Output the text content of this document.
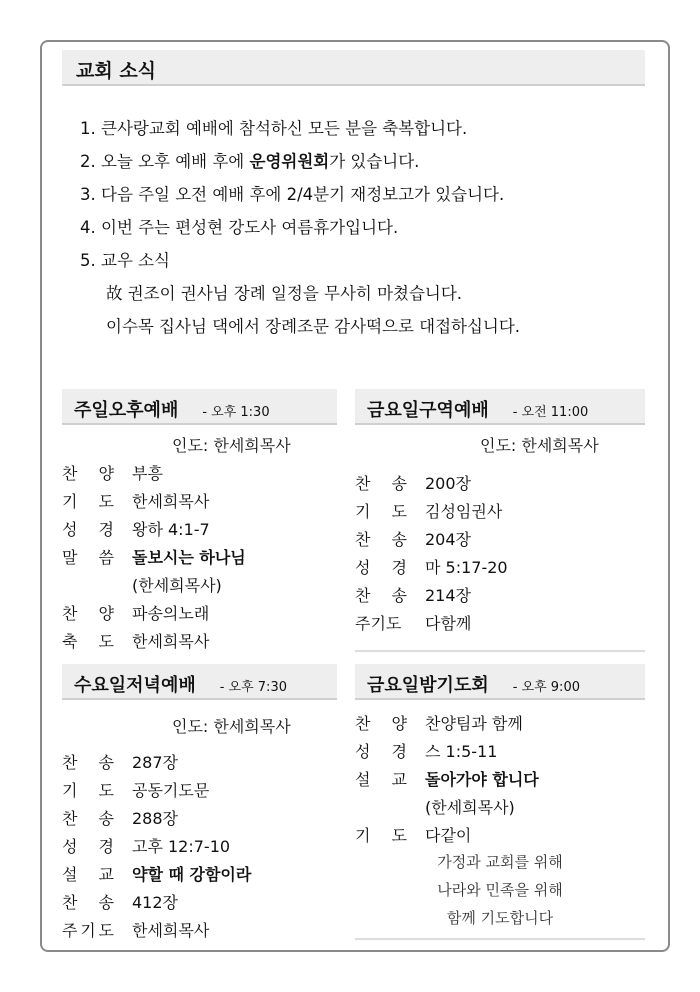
교회 소식
1. 큰사랑교회 예배에 참석하신 모든 분을 축복합니다.
2. 오늘 오후 예배 후에 운영위원회가 있습니다.
3. 다음 주일 오전 예배 후에 2/4분기 재정보고가 있습니다.
4. 이번 주는 편성현 강도사 여름휴가입니다.
5. 교우 소식
故 권조이 권사님 장례 일정을 무사히 마쳤습니다.
이수목 집사님 댁에서 장례조문 감사떡으로 대접하십니다.
주일오후예배 - 오후 1:30
인도: 한세희목사
찬 양 부흥
기 도 한세희목사
성 경 왕하 4:1-7
말 씀 돌보시는 하나님
(한세희목사)
찬 양 파송의노래
축 도 한세희목사
금요일구역예배 - 오전 11:00
인도: 한세희목사
찬 송 200장
기 도 김성임권사
찬 송 204장
성 경 마 5:17-20
찬 송 214장
주기도 다함께
수요일저녁예배 - 오후 7:30
인도: 한세희목사
찬 송 287장
기 도 공동기도문
찬 송 288장
성 경 고후 12:7-10
설 교 약할 때 강함이라
찬 송 412장
주 기 도 한세희목사
금요일밤기도회 - 오후 9:00
찬 양 찬양팀과 함께
성 경 스 1:5-11
설 교 돌아가야 합니다
(한세희목사)
기 도 다같이
가정과 교회를 위해
나라와 민족을 위해
함께 기도합니다
